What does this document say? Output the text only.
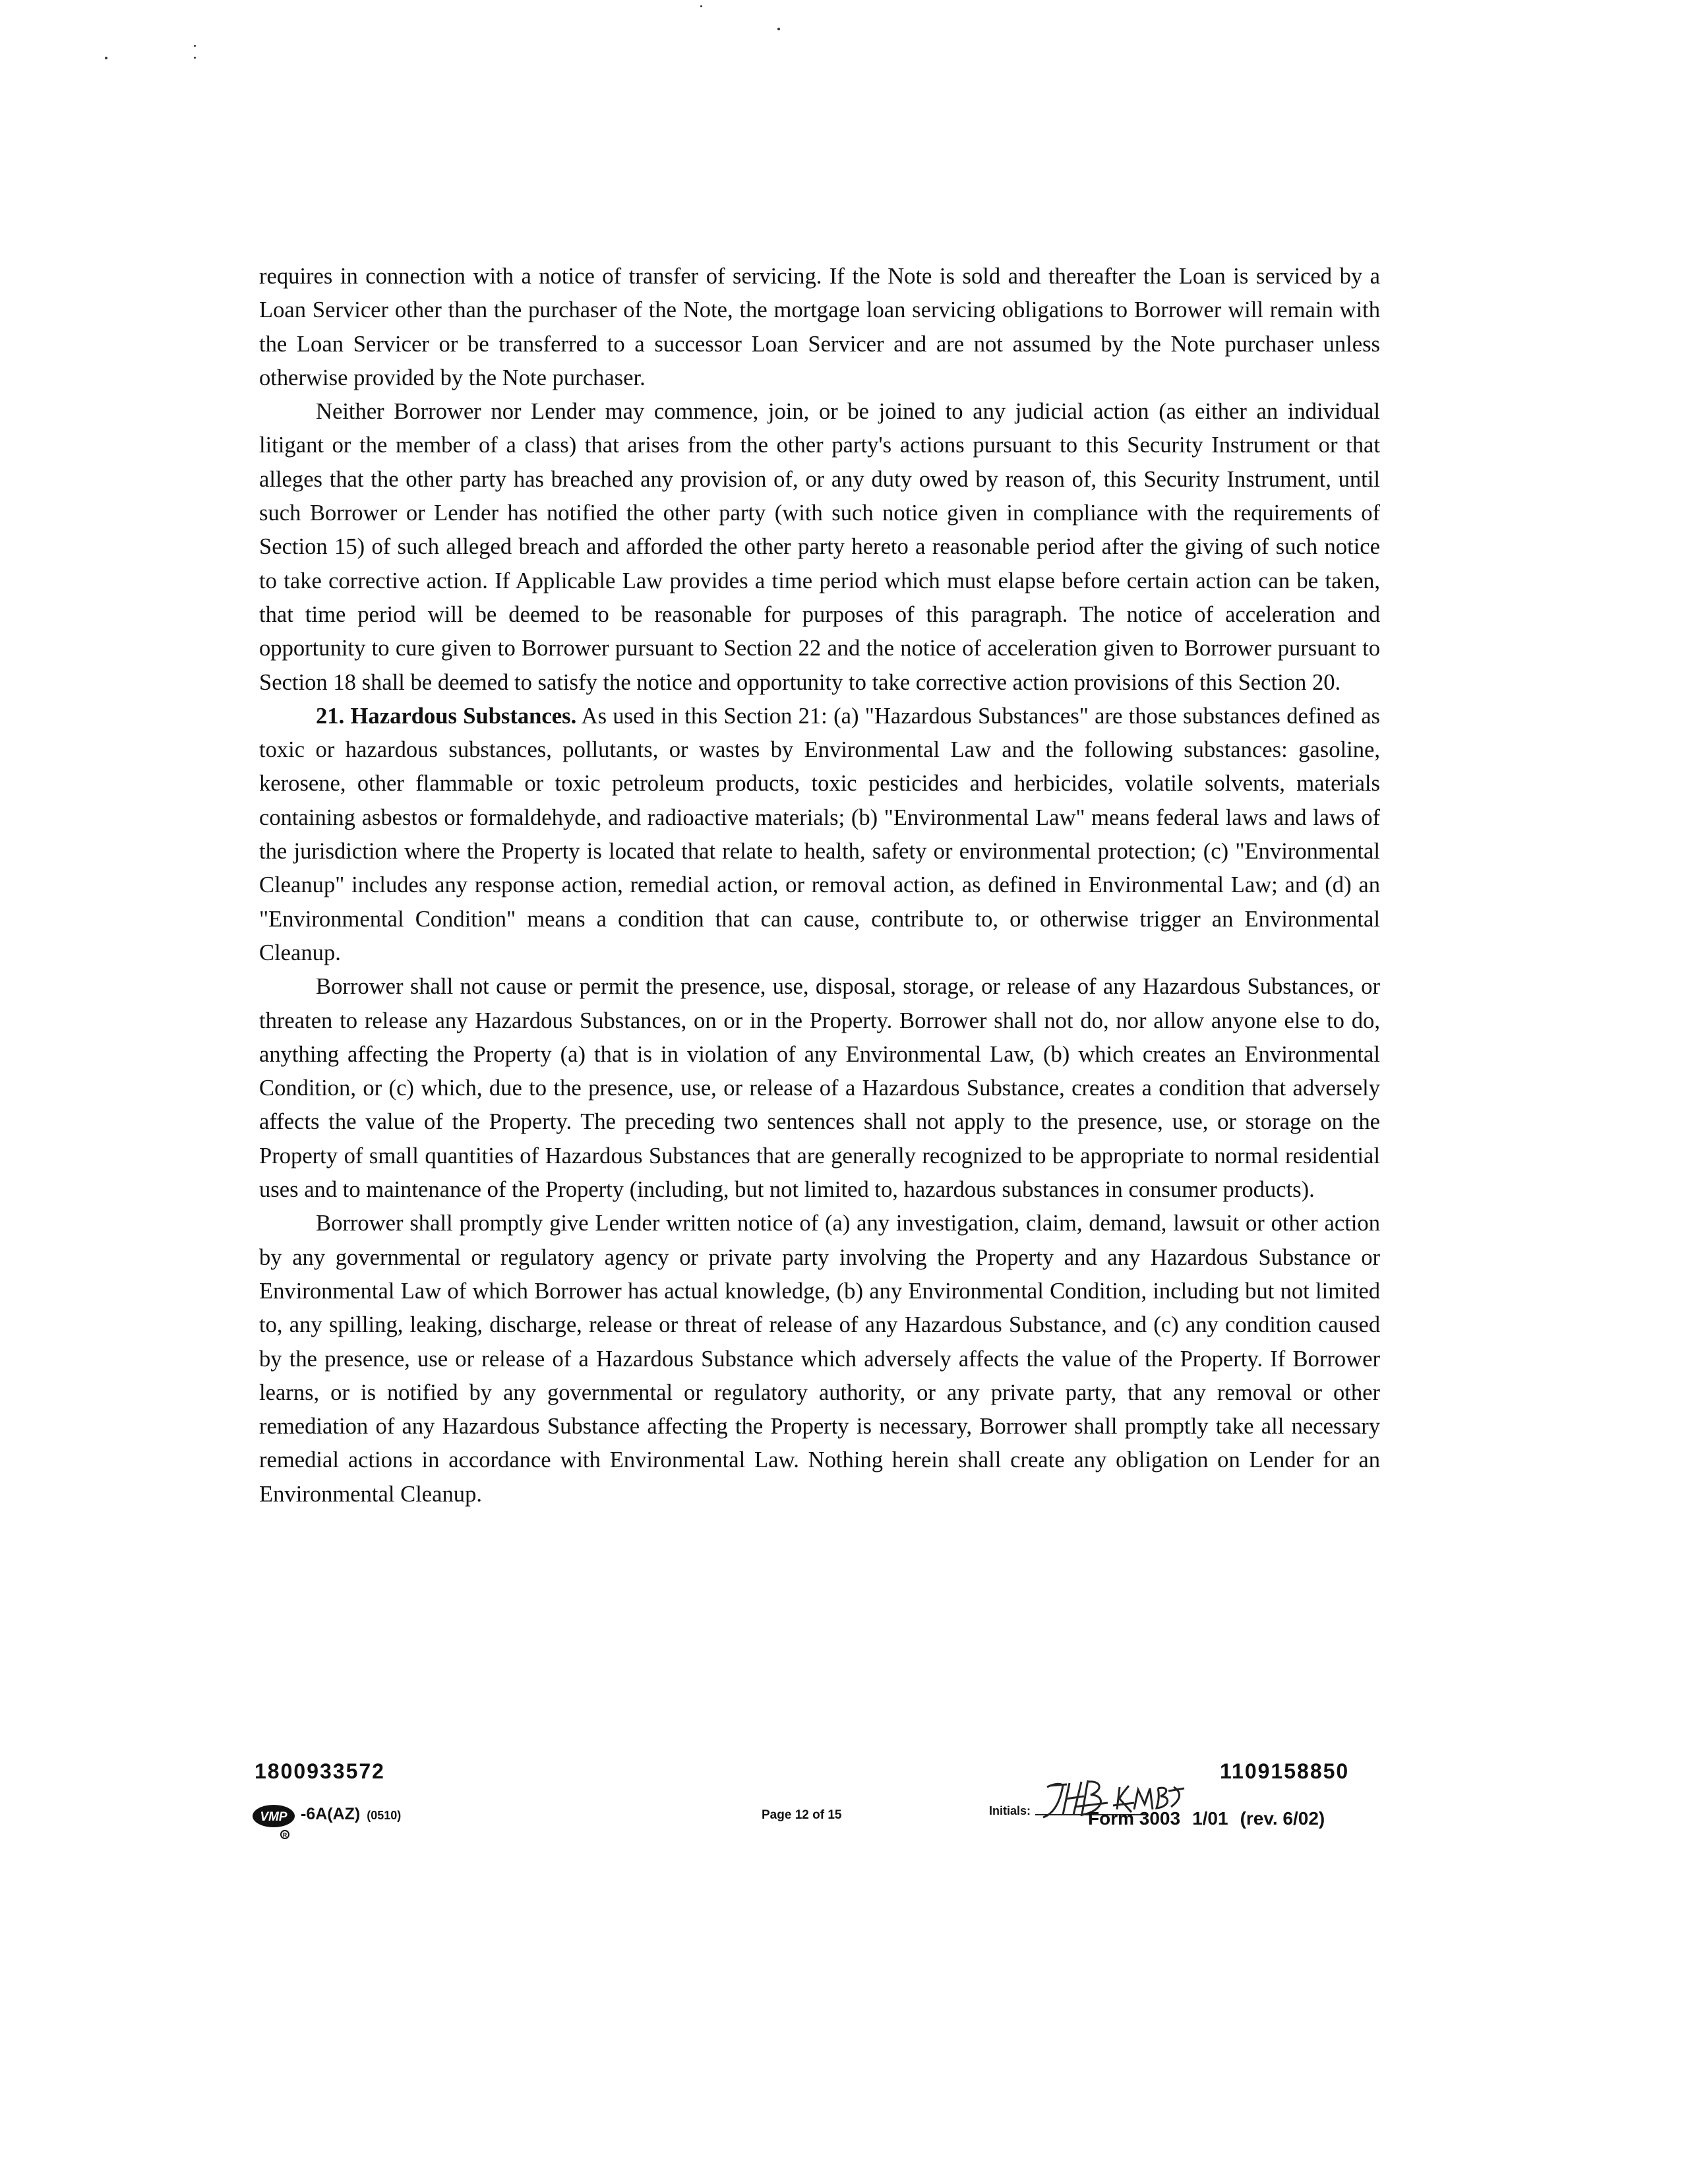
requires in connection with a notice of transfer of servicing. If the Note is sold and thereafter the Loan is serviced by a Loan Servicer other than the purchaser of the Note, the mortgage loan servicing obligations to Borrower will remain with the Loan Servicer or be transferred to a successor Loan Servicer and are not assumed by the Note purchaser unless otherwise provided by the Note purchaser.

Neither Borrower nor Lender may commence, join, or be joined to any judicial action (as either an individual litigant or the member of a class) that arises from the other party's actions pursuant to this Security Instrument or that alleges that the other party has breached any provision of, or any duty owed by reason of, this Security Instrument, until such Borrower or Lender has notified the other party (with such notice given in compliance with the requirements of Section 15) of such alleged breach and afforded the other party hereto a reasonable period after the giving of such notice to take corrective action. If Applicable Law provides a time period which must elapse before certain action can be taken, that time period will be deemed to be reasonable for purposes of this paragraph. The notice of acceleration and opportunity to cure given to Borrower pursuant to Section 22 and the notice of acceleration given to Borrower pursuant to Section 18 shall be deemed to satisfy the notice and opportunity to take corrective action provisions of this Section 20.

21. Hazardous Substances. As used in this Section 21: (a) "Hazardous Substances" are those substances defined as toxic or hazardous substances, pollutants, or wastes by Environmental Law and the following substances: gasoline, kerosene, other flammable or toxic petroleum products, toxic pesticides and herbicides, volatile solvents, materials containing asbestos or formaldehyde, and radioactive materials; (b) "Environmental Law" means federal laws and laws of the jurisdiction where the Property is located that relate to health, safety or environmental protection; (c) "Environmental Cleanup" includes any response action, remedial action, or removal action, as defined in Environmental Law; and (d) an "Environmental Condition" means a condition that can cause, contribute to, or otherwise trigger an Environmental Cleanup.

Borrower shall not cause or permit the presence, use, disposal, storage, or release of any Hazardous Substances, or threaten to release any Hazardous Substances, on or in the Property. Borrower shall not do, nor allow anyone else to do, anything affecting the Property (a) that is in violation of any Environmental Law, (b) which creates an Environmental Condition, or (c) which, due to the presence, use, or release of a Hazardous Substance, creates a condition that adversely affects the value of the Property. The preceding two sentences shall not apply to the presence, use, or storage on the Property of small quantities of Hazardous Substances that are generally recognized to be appropriate to normal residential uses and to maintenance of the Property (including, but not limited to, hazardous substances in consumer products).

Borrower shall promptly give Lender written notice of (a) any investigation, claim, demand, lawsuit or other action by any governmental or regulatory agency or private party involving the Property and any Hazardous Substance or Environmental Law of which Borrower has actual knowledge, (b) any Environmental Condition, including but not limited to, any spilling, leaking, discharge, release or threat of release of any Hazardous Substance, and (c) any condition caused by the presence, use or release of a Hazardous Substance which adversely affects the value of the Property. If Borrower learns, or is notified by any governmental or regulatory authority, or any private party, that any removal or other remediation of any Hazardous Substance affecting the Property is necessary, Borrower shall promptly take all necessary remedial actions in accordance with Environmental Law. Nothing herein shall create any obligation on Lender for an Environmental Cleanup.

1800933572	1109158850
VMP
R
-6A(AZ) (0510)	Page 12 of 15	Initials:	Form 3003 1/01 (rev. 6/02)
